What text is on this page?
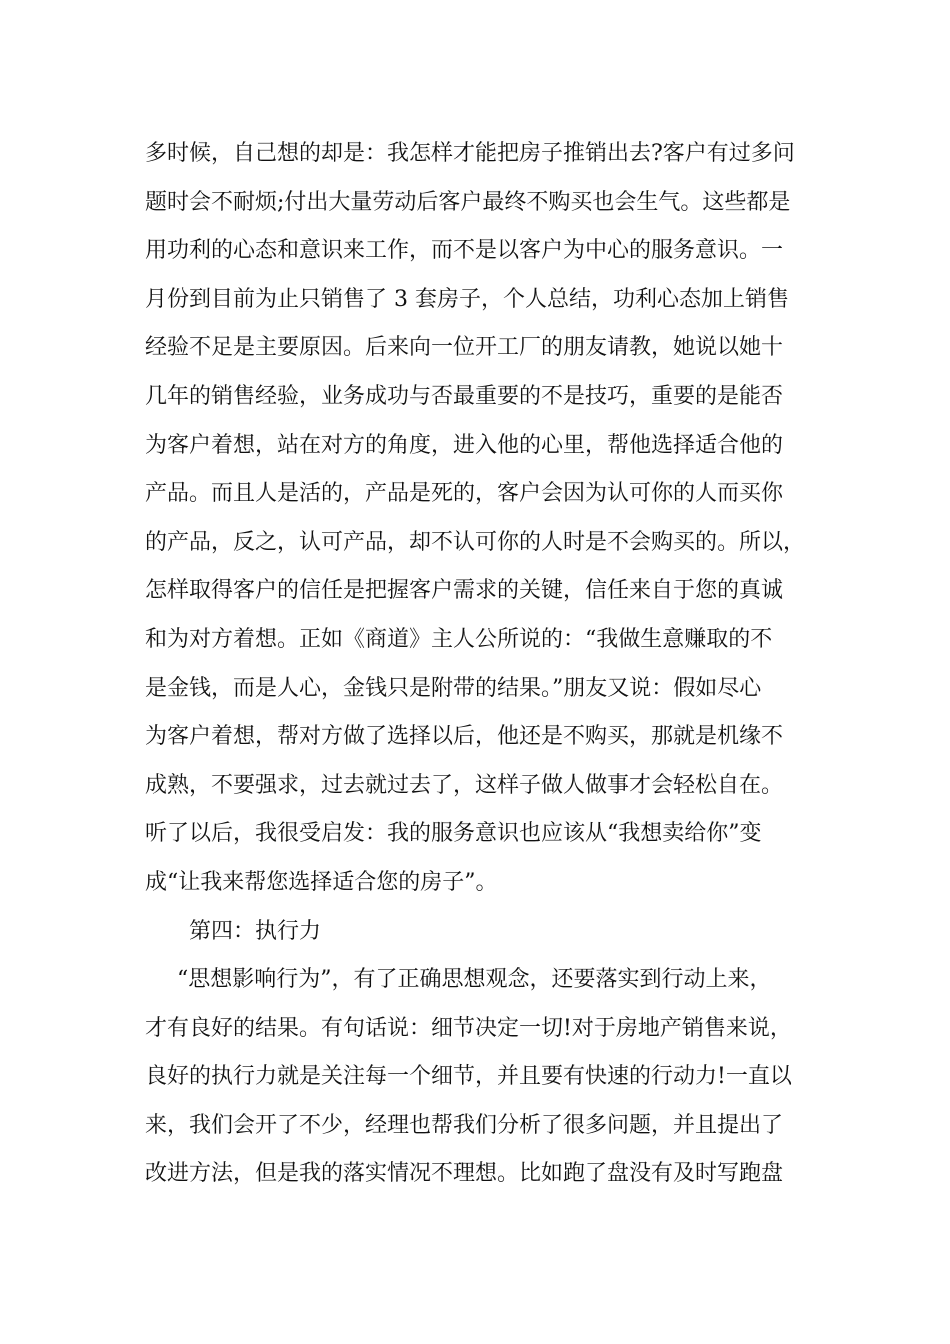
多时候，自己想的却是：我怎样才能把房子推销出去?客户有过多问
题时会不耐烦;付出大量劳动后客户最终不购买也会生气。这些都是
用功利的心态和意识来工作，而不是以客户为中心的服务意识。一
月份到目前为止只销售了 3 套房子，个人总结，功利心态加上销售
经验不足是主要原因。后来向一位开工厂的朋友请教，她说以她十
几年的销售经验，业务成功与否最重要的不是技巧，重要的是能否
为客户着想，站在对方的角度，进入他的心里，帮他选择适合他的
产品。而且人是活的，产品是死的，客户会因为认可你的人而买你
的产品，反之，认可产品，却不认可你的人时是不会购买的。所以，
怎样取得客户的信任是把握客户需求的关键，信任来自于您的真诚
和为对方着想。正如《商道》主人公所说的：“我做生意赚取的不
是金钱，而是人心，金钱只是附带的结果。”朋友又说：假如尽心
为客户着想，帮对方做了选择以后，他还是不购买，那就是机缘不
成熟，不要强求，过去就过去了，这样子做人做事才会轻松自在。
听了以后，我很受启发：我的服务意识也应该从“我想卖给你”变
成“让我来帮您选择适合您的房子”。
第四：执行力
“思想影响行为”，有了正确思想观念，还要落实到行动上来，
才有良好的结果。有句话说：细节决定一切!对于房地产销售来说，
良好的执行力就是关注每一个细节，并且要有快速的行动力!一直以
来，我们会开了不少，经理也帮我们分析了很多问题，并且提出了
改进方法，但是我的落实情况不理想。比如跑了盘没有及时写跑盘
